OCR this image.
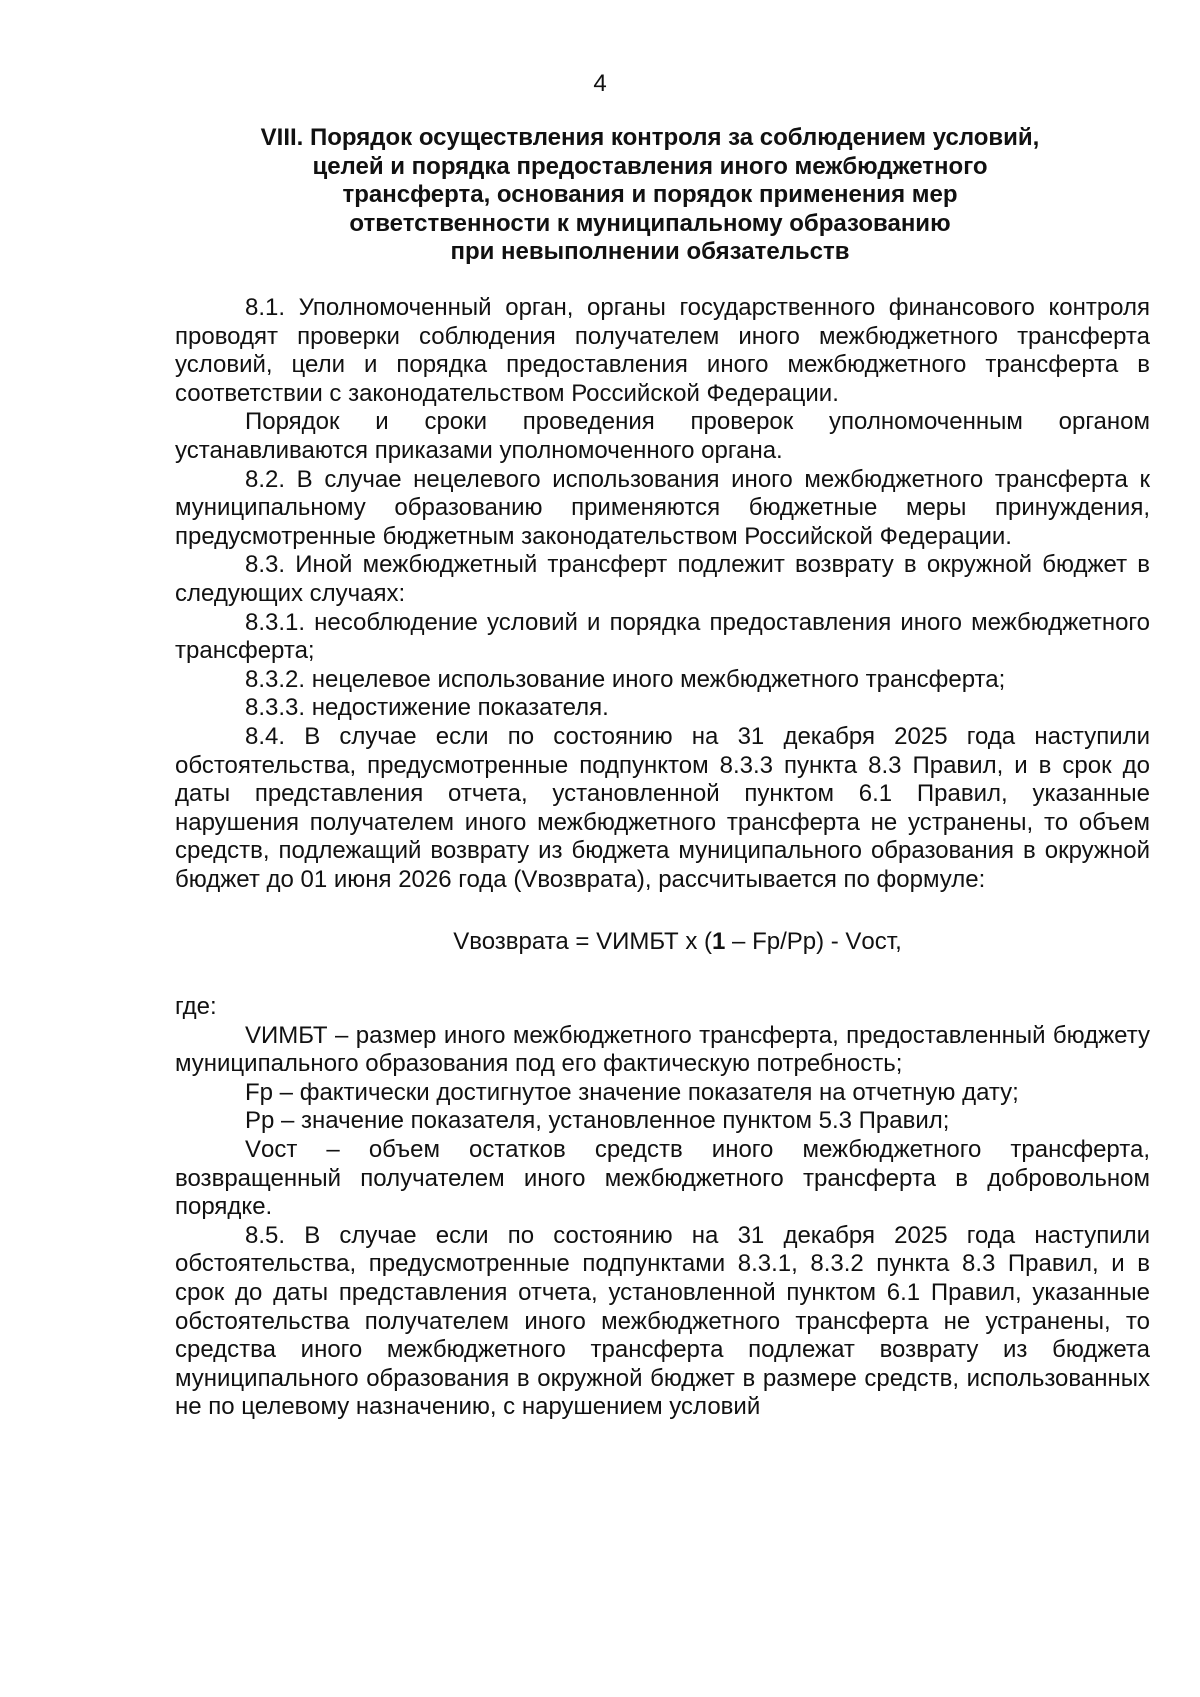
4
VIII. Порядок осуществления контроля за соблюдением условий,
целей и порядка предоставления иного межбюджетного
трансферта, основания и порядок применения мер
ответственности к муниципальному образованию
при невыполнении обязательств

8.1. Уполномоченный орган, органы государственного финансового контроля проводят проверки соблюдения получателем иного межбюджетного трансферта условий, цели и порядка предоставления иного межбюджетного трансферта в соответствии с законодательством Российской Федерации.

Порядок и сроки проведения проверок уполномоченным органом устанавливаются приказами уполномоченного органа.

8.2. В случае нецелевого использования иного межбюджетного трансферта к муниципальному образованию применяются бюджетные меры принуждения, предусмотренные бюджетным законодательством Российской Федерации.

8.3. Иной межбюджетный трансферт подлежит возврату в окружной бюджет в следующих случаях:

8.3.1. несоблюдение условий и порядка предоставления иного межбюджетного трансферта;

8.3.2. нецелевое использование иного межбюджетного трансферта;

8.3.3. недостижение показателя.

8.4. В случае если по состоянию на 31 декабря 2025 года наступили обстоятельства, предусмотренные подпунктом 8.3.3 пункта 8.3 Правил, и в срок до даты представления отчета, установленной пунктом 6.1 Правил, указанные нарушения получателем иного межбюджетного трансферта не устранены, то объем средств, подлежащий возврату из бюджета муниципального образования в окружной бюджет до 01 июня 2026 года (Vвозврата), рассчитывается по формуле:

Vвозврата = VИМБТ x (1 – Fр/Pр) - Vост,

где:

VИМБТ – размер иного межбюджетного трансферта, предоставленный бюджету муниципального образования под его фактическую потребность;

Fр – фактически достигнутое значение показателя на отчетную дату;

Pр – значение показателя, установленное пунктом 5.3 Правил;

Vост – объем остатков средств иного межбюджетного трансферта, возвращенный получателем иного межбюджетного трансферта в добровольном порядке.

8.5. В случае если по состоянию на 31 декабря 2025 года наступили обстоятельства, предусмотренные подпунктами 8.3.1, 8.3.2 пункта 8.3 Правил, и в срок до даты представления отчета, установленной пунктом 6.1 Правил, указанные обстоятельства получателем иного межбюджетного трансферта не устранены, то средства иного межбюджетного трансферта подлежат возврату из бюджета муниципального образования в окружной бюджет в размере средств, использованных не по целевому назначению, с нарушением условий
